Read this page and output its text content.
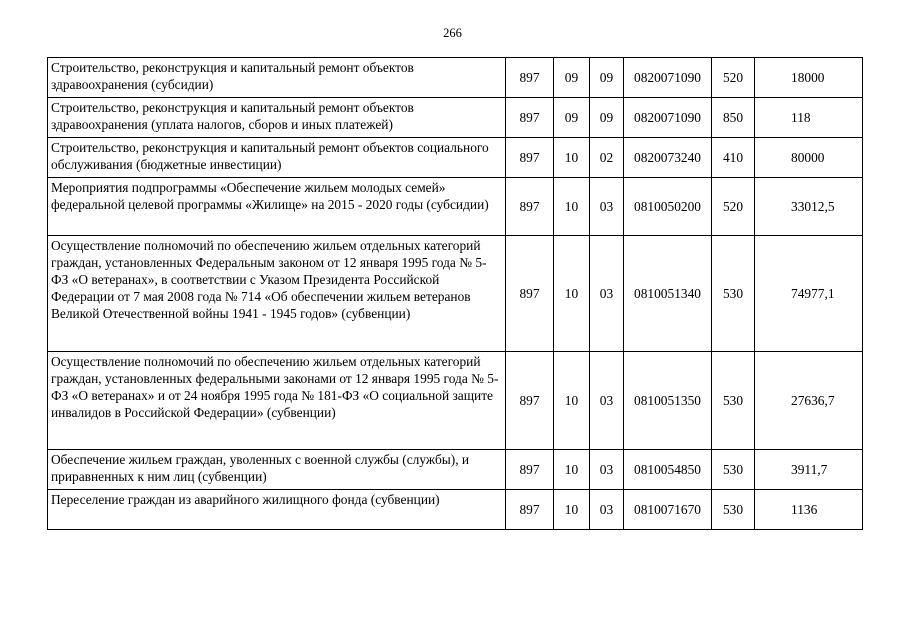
266
Строительство, реконструкция и капитальный ремонт объектов здравоохранения (субсидии)	897	09	09	0820071090	520	18000
Строительство, реконструкция и капитальный ремонт объектов здравоохранения (уплата налогов, сборов и иных платежей)	897	09	09	0820071090	850	118
Строительство, реконструкция и капитальный ремонт объектов социального обслуживания (бюджетные инвестиции)	897	10	02	0820073240	410	80000
Мероприятия подпрограммы «Обеспечение жильем молодых семей» федеральной целевой программы «Жилище» на 2015 - 2020 годы (субсидии)	897	10	03	0810050200	520	33012,5
Осуществление полномочий по обеспечению жильем отдельных категорий граждан, установленных Федеральным законом от 12 января 1995 года № 5-ФЗ «О ветеранах», в соответствии с Указом Президента Российской Федерации от 7 мая 2008 года № 714 «Об обеспечении жильем ветеранов Великой Отечественной войны 1941 - 1945 годов» (субвенции)	897	10	03	0810051340	530	74977,1
Осуществление полномочий по обеспечению жильем отдельных категорий граждан, установленных федеральными законами от 12 января 1995 года № 5-ФЗ «О ветеранах» и от 24 ноября 1995 года № 181-ФЗ «О социальной защите инвалидов в Российской Федерации» (субвенции)	897	10	03	0810051350	530	27636,7
Обеспечение жильем граждан, уволенных с военной службы (службы), и приравненных к ним лиц (субвенции)	897	10	03	0810054850	530	3911,7
Переселение граждан из аварийного жилищного фонда (субвенции)	897	10	03	0810071670	530	1136
